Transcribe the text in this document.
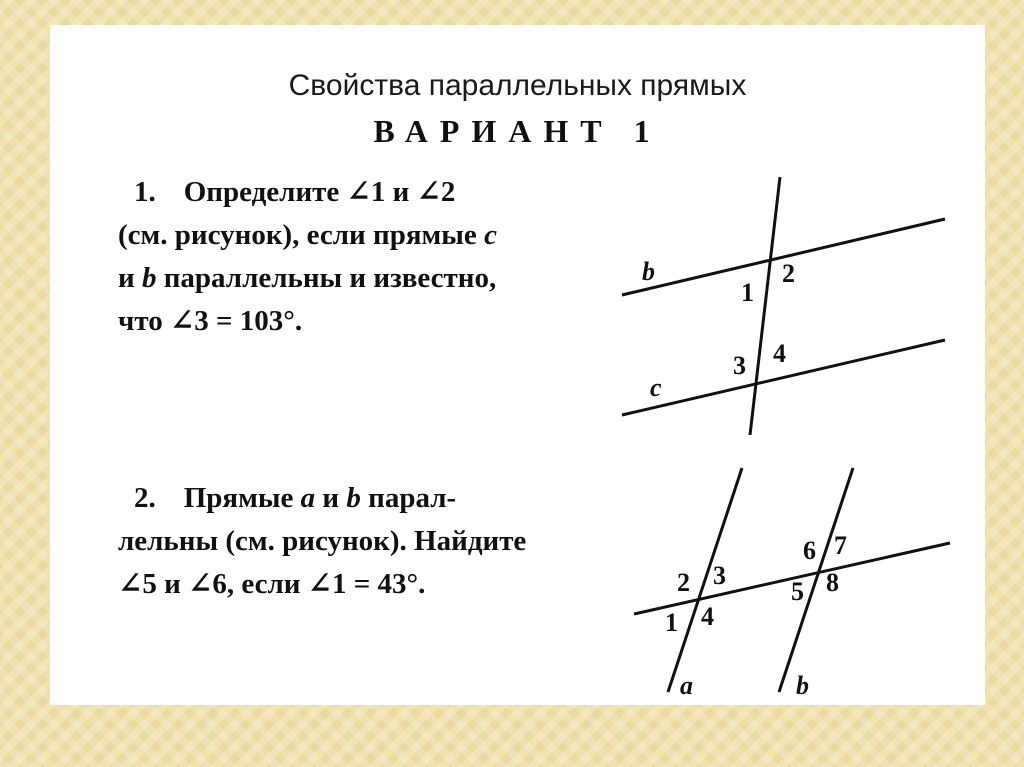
Свойства параллельных прямых
ВАРИАНТ 1
1. Определите ∠1 и ∠2
(см. рисунок), если прямые c
и b параллельны и известно,
что ∠3 = 103°.
2. Прямые a и b парал-
лельны (см. рисунок). Найдите
∠5 и ∠6, если ∠1 = 43°.
b
c
1
2
3 4
a	b
1
2 3
4
5
6 7
8
